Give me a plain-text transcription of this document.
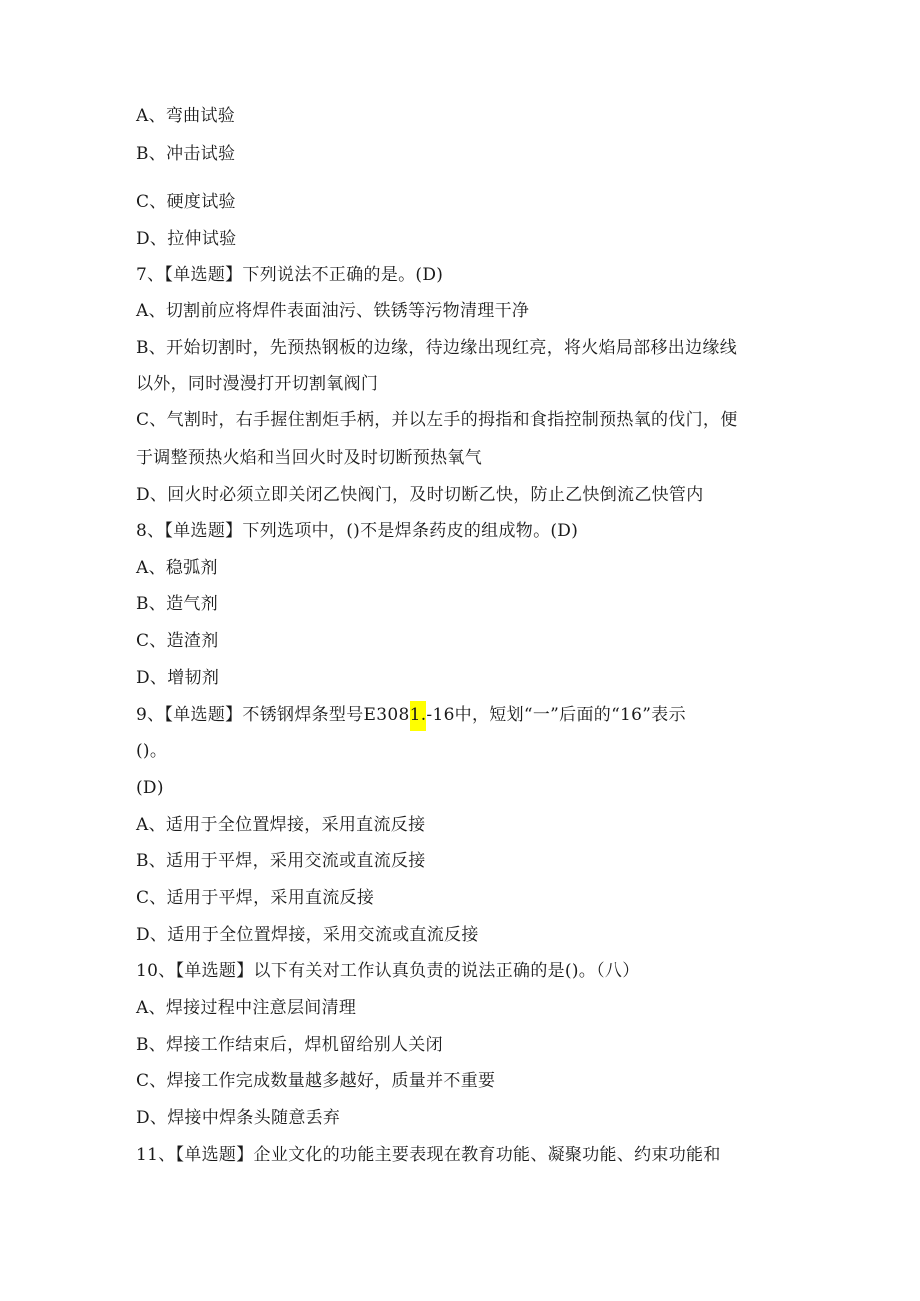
A、弯曲试验
B、冲击试验
C、硬度试验
D、拉伸试验
7、【单选题】下列说法不正确的是。(D)
A、切割前应将焊件表面油污、铁锈等污物清理干净
B、开始切割时，先预热钢板的边缘，待边缘出现红亮，将火焰局部移出边缘线
以外，同时漫漫打开切割氧阀门
C、气割时，右手握住割炬手柄，并以左手的拇指和食指控制预热氧的伐门，便
于调整预热火焰和当回火时及时切断预热氧气
D、回火时必须立即关闭乙快阀门，及时切断乙快，防止乙快倒流乙快管内
8、【单选题】下列选项中，()不是焊条药皮的组成物。(D)
A、稳弧剂
B、造气剂
C、造渣剂
D、增韧剂
9、【单选题】不锈钢焊条型号E3081.-16中，短划“一”后面的“16”表示
()。
(D)
A、适用于全位置焊接，采用直流反接
B、适用于平焊，采用交流或直流反接
C、适用于平焊，采用直流反接
D、适用于全位置焊接，采用交流或直流反接
10、【单选题】以下有关对工作认真负责的说法正确的是()。（八）
A、焊接过程中注意层间清理
B、焊接工作结束后，焊机留给别人关闭
C、焊接工作完成数量越多越好，质量并不重要
D、焊接中焊条头随意丢弃
11、【单选题】企业文化的功能主要表现在教育功能、凝聚功能、约束功能和
